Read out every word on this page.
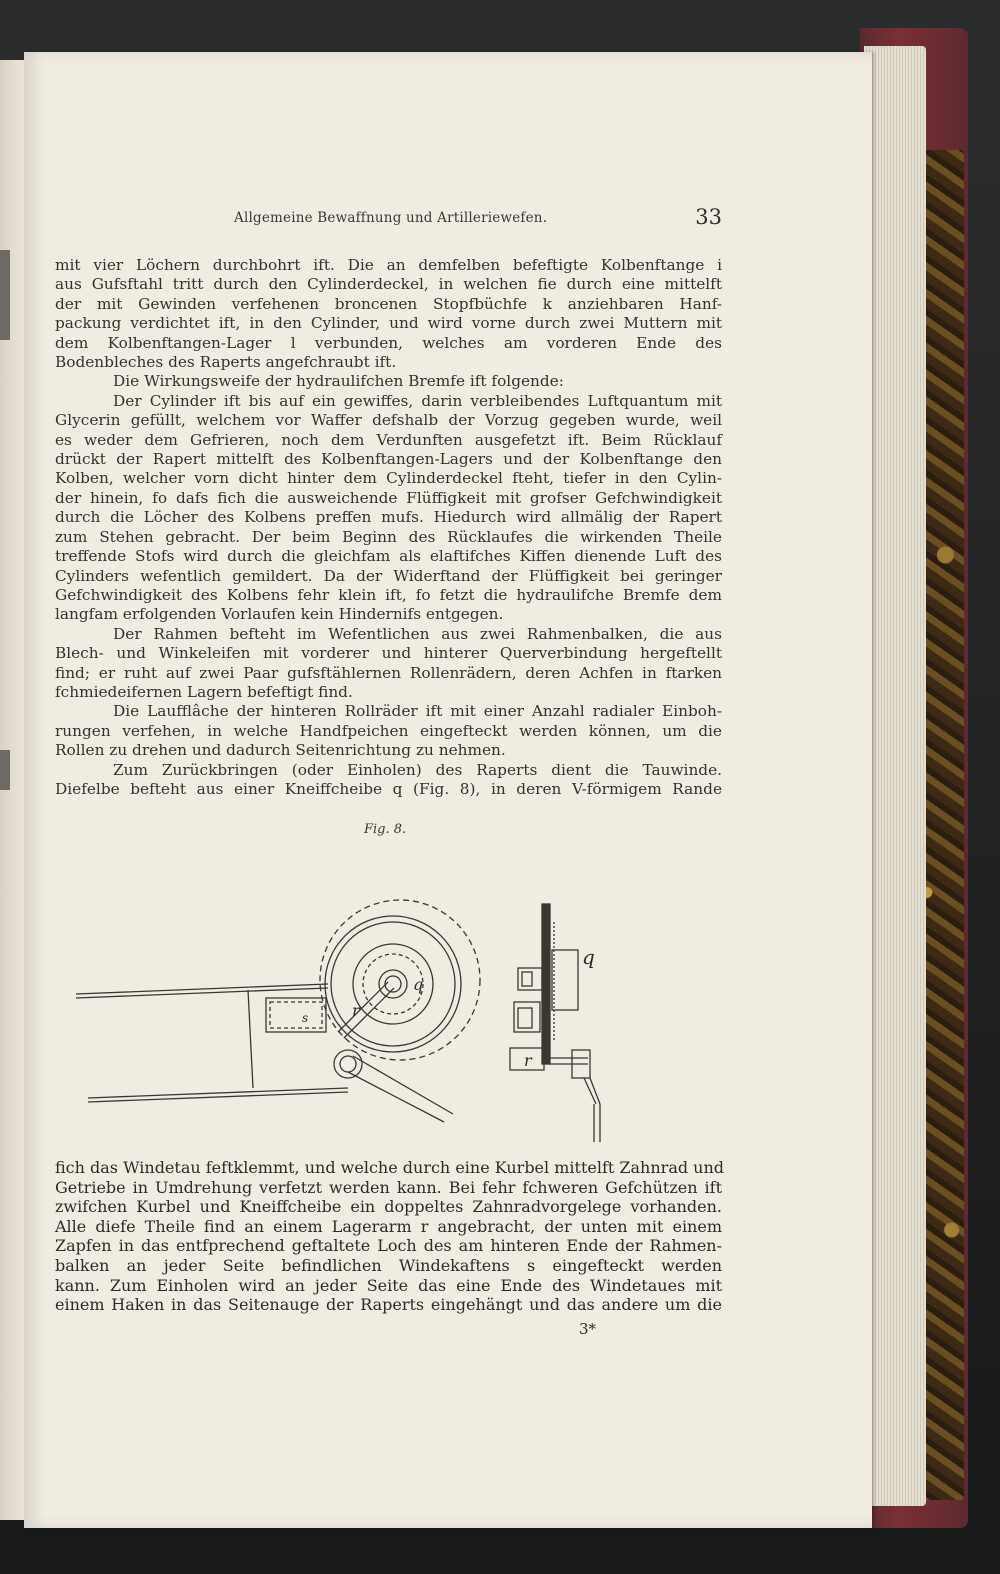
Allgemeine Bewaffnung und Artilleriewefen.	33
mit vier Löchern durchbohrt ift. Die an demfelben befeftigte Kolbenftange i
aus Gufsftahl tritt durch den Cylinderdeckel, in welchen fie durch eine mittelft
der mit Gewinden verfehenen broncenen Stopfbüchfe k anziehbaren Hanf-
packung verdichtet ift, in den Cylinder, und wird vorne durch zwei Muttern mit
dem Kolbenftangen-Lager l verbunden, welches am vorderen Ende des
Bodenbleches des Raperts angefchraubt ift.
Die Wirkungsweife der hydraulifchen Bremfe ift folgende:
Der Cylinder ift bis auf ein gewiffes, darin verbleibendes Luftquantum mit
Glycerin gefüllt, welchem vor Waffer defshalb der Vorzug gegeben wurde, weil
es weder dem Gefrieren, noch dem Verdunften ausgefetzt ift. Beim Rücklauf
drückt der Rapert mittelft des Kolbenftangen-Lagers und der Kolbenftange den
Kolben, welcher vorn dicht hinter dem Cylinderdeckel fteht, tiefer in den Cylin-
der hinein, fo dafs fich die ausweichende Flüffigkeit mit grofser Gefchwindigkeit
durch die Löcher des Kolbens preffen mufs. Hiedurch wird allmälig der Rapert
zum Stehen gebracht. Der beim Beginn des Rücklaufes die wirkenden Theile
treffende Stofs wird durch die gleichfam als elaftifches Kiffen dienende Luft des
Cylinders wefentlich gemildert. Da der Widerftand der Flüffigkeit bei geringer
Gefchwindigkeit des Kolbens fehr klein ift, fo fetzt die hydraulifche Bremfe dem
langfam erfolgenden Vorlaufen kein Hindernifs entgegen.
Der Rahmen befteht im Wefentlichen aus zwei Rahmenbalken, die aus
Blech- und Winkeleifen mit vorderer und hinterer Querverbindung hergeftellt
find; er ruht auf zwei Paar gufsftählernen Rollenrädern, deren Achfen in ftarken
fchmiedeifernen Lagern befeftigt find.
Die Laufflâche der hinteren Rollräder ift mit einer Anzahl radialer Einboh-
rungen verfehen, in welche Handfpeichen eingefteckt werden können, um die
Rollen zu drehen und dadurch Seitenrichtung zu nehmen.
Zum Zurückbringen (oder Einholen) des Raperts dient die Tauwinde.
Diefelbe befteht aus einer Kneiffcheibe q (Fig. 8), in deren V-förmigem Rande
Fig. 8.
q
q
r
r
s
fich das Windetau feftklemmt, und welche durch eine Kurbel mittelft Zahnrad und
Getriebe in Umdrehung verfetzt werden kann. Bei fehr fchweren Gefchützen ift
zwifchen Kurbel und Kneiffcheibe ein doppeltes Zahnradvorgelege vorhanden.
Alle diefe Theile find an einem Lagerarm r angebracht, der unten mit einem
Zapfen in das entfprechend geftaltete Loch des am hinteren Ende der Rahmen-
balken an jeder Seite befindlichen Windekaftens s eingefteckt werden
kann. Zum Einholen wird an jeder Seite das eine Ende des Windetaues mit
einem Haken in das Seitenauge der Raperts eingehängt und das andere um die
3*
